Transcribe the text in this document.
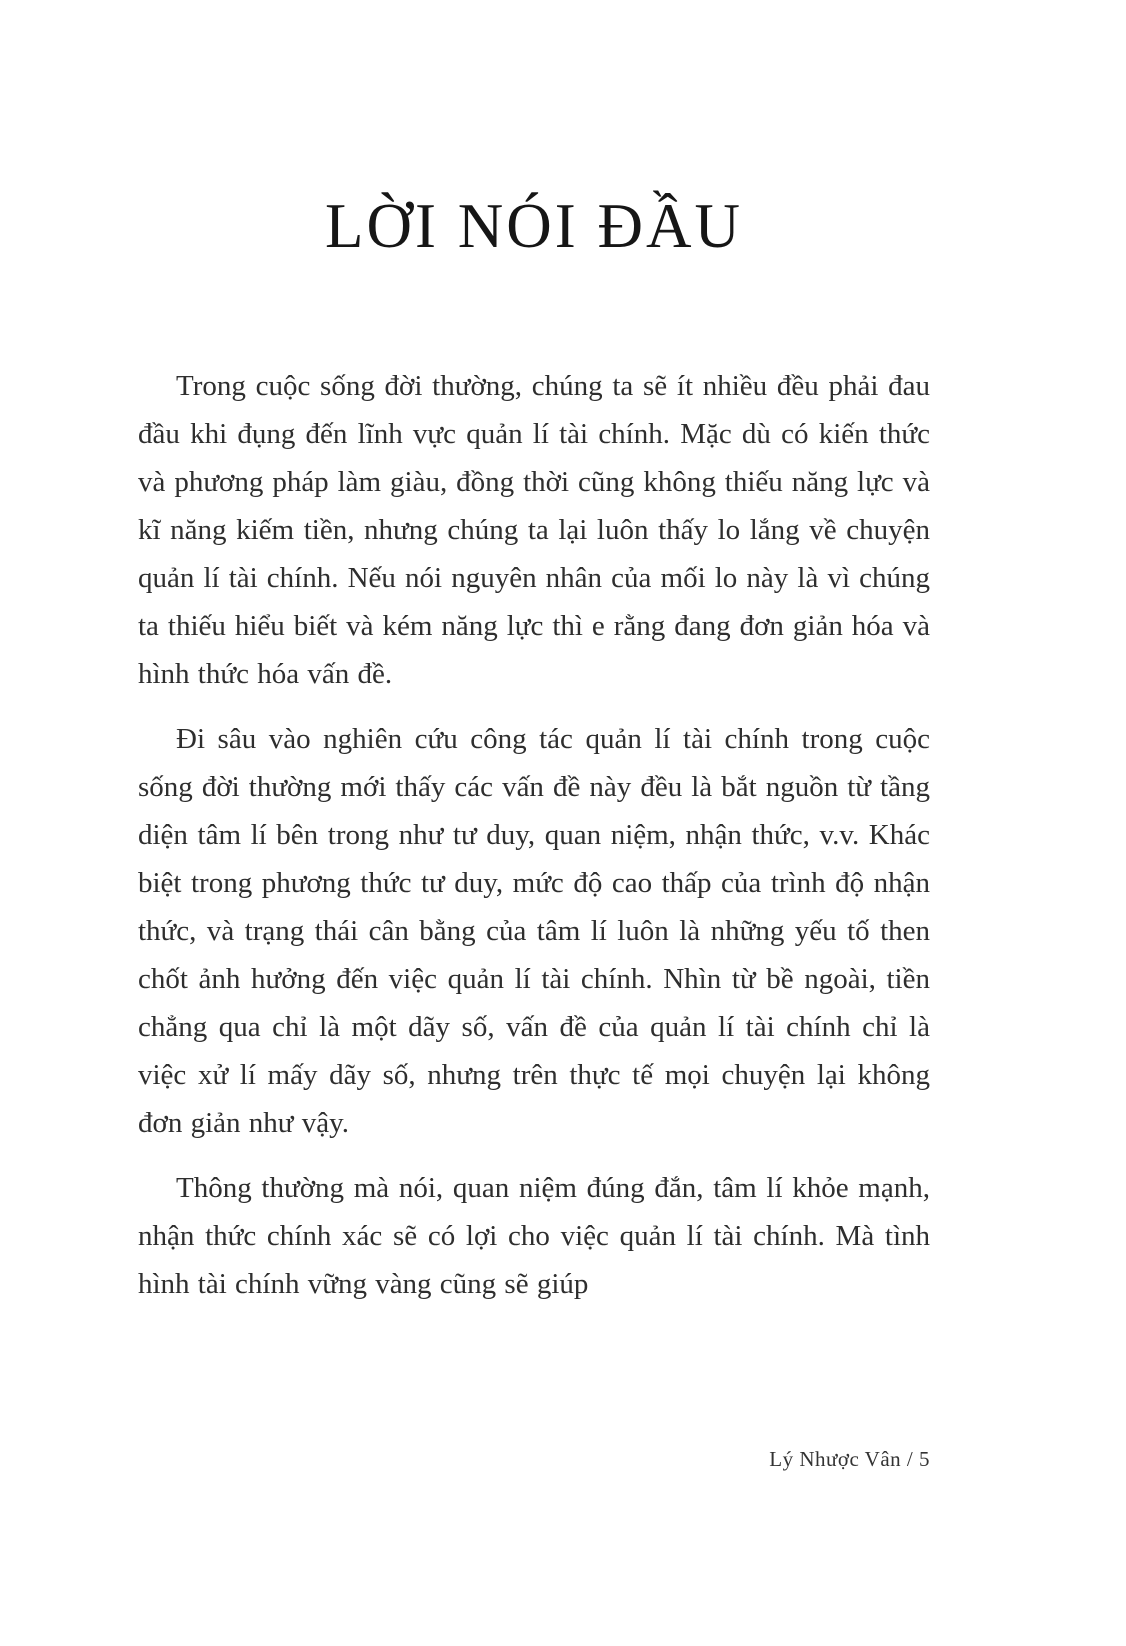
LỜI NÓI ĐẦU

Trong cuộc sống đời thường, chúng ta sẽ ít nhiều đều phải đau đầu khi đụng đến lĩnh vực quản lí tài chính. Mặc dù có kiến thức và phương pháp làm giàu, đồng thời cũng không thiếu năng lực và kĩ năng kiếm tiền, nhưng chúng ta lại luôn thấy lo lắng về chuyện quản lí tài chính. Nếu nói nguyên nhân của mối lo này là vì chúng ta thiếu hiểu biết và kém năng lực thì e rằng đang đơn giản hóa và hình thức hóa vấn đề.

Đi sâu vào nghiên cứu công tác quản lí tài chính trong cuộc sống đời thường mới thấy các vấn đề này đều là bắt nguồn từ tầng diện tâm lí bên trong như tư duy, quan niệm, nhận thức, v.v. Khác biệt trong phương thức tư duy, mức độ cao thấp của trình độ nhận thức, và trạng thái cân bằng của tâm lí luôn là những yếu tố then chốt ảnh hưởng đến việc quản lí tài chính. Nhìn từ bề ngoài, tiền chẳng qua chỉ là một dãy số, vấn đề của quản lí tài chính chỉ là việc xử lí mấy dãy số, nhưng trên thực tế mọi chuyện lại không đơn giản như vậy.

Thông thường mà nói, quan niệm đúng đắn, tâm lí khỏe mạnh, nhận thức chính xác sẽ có lợi cho việc quản lí tài chính. Mà tình hình tài chính vững vàng cũng sẽ giúp

Lý Nhược Vân / 5
